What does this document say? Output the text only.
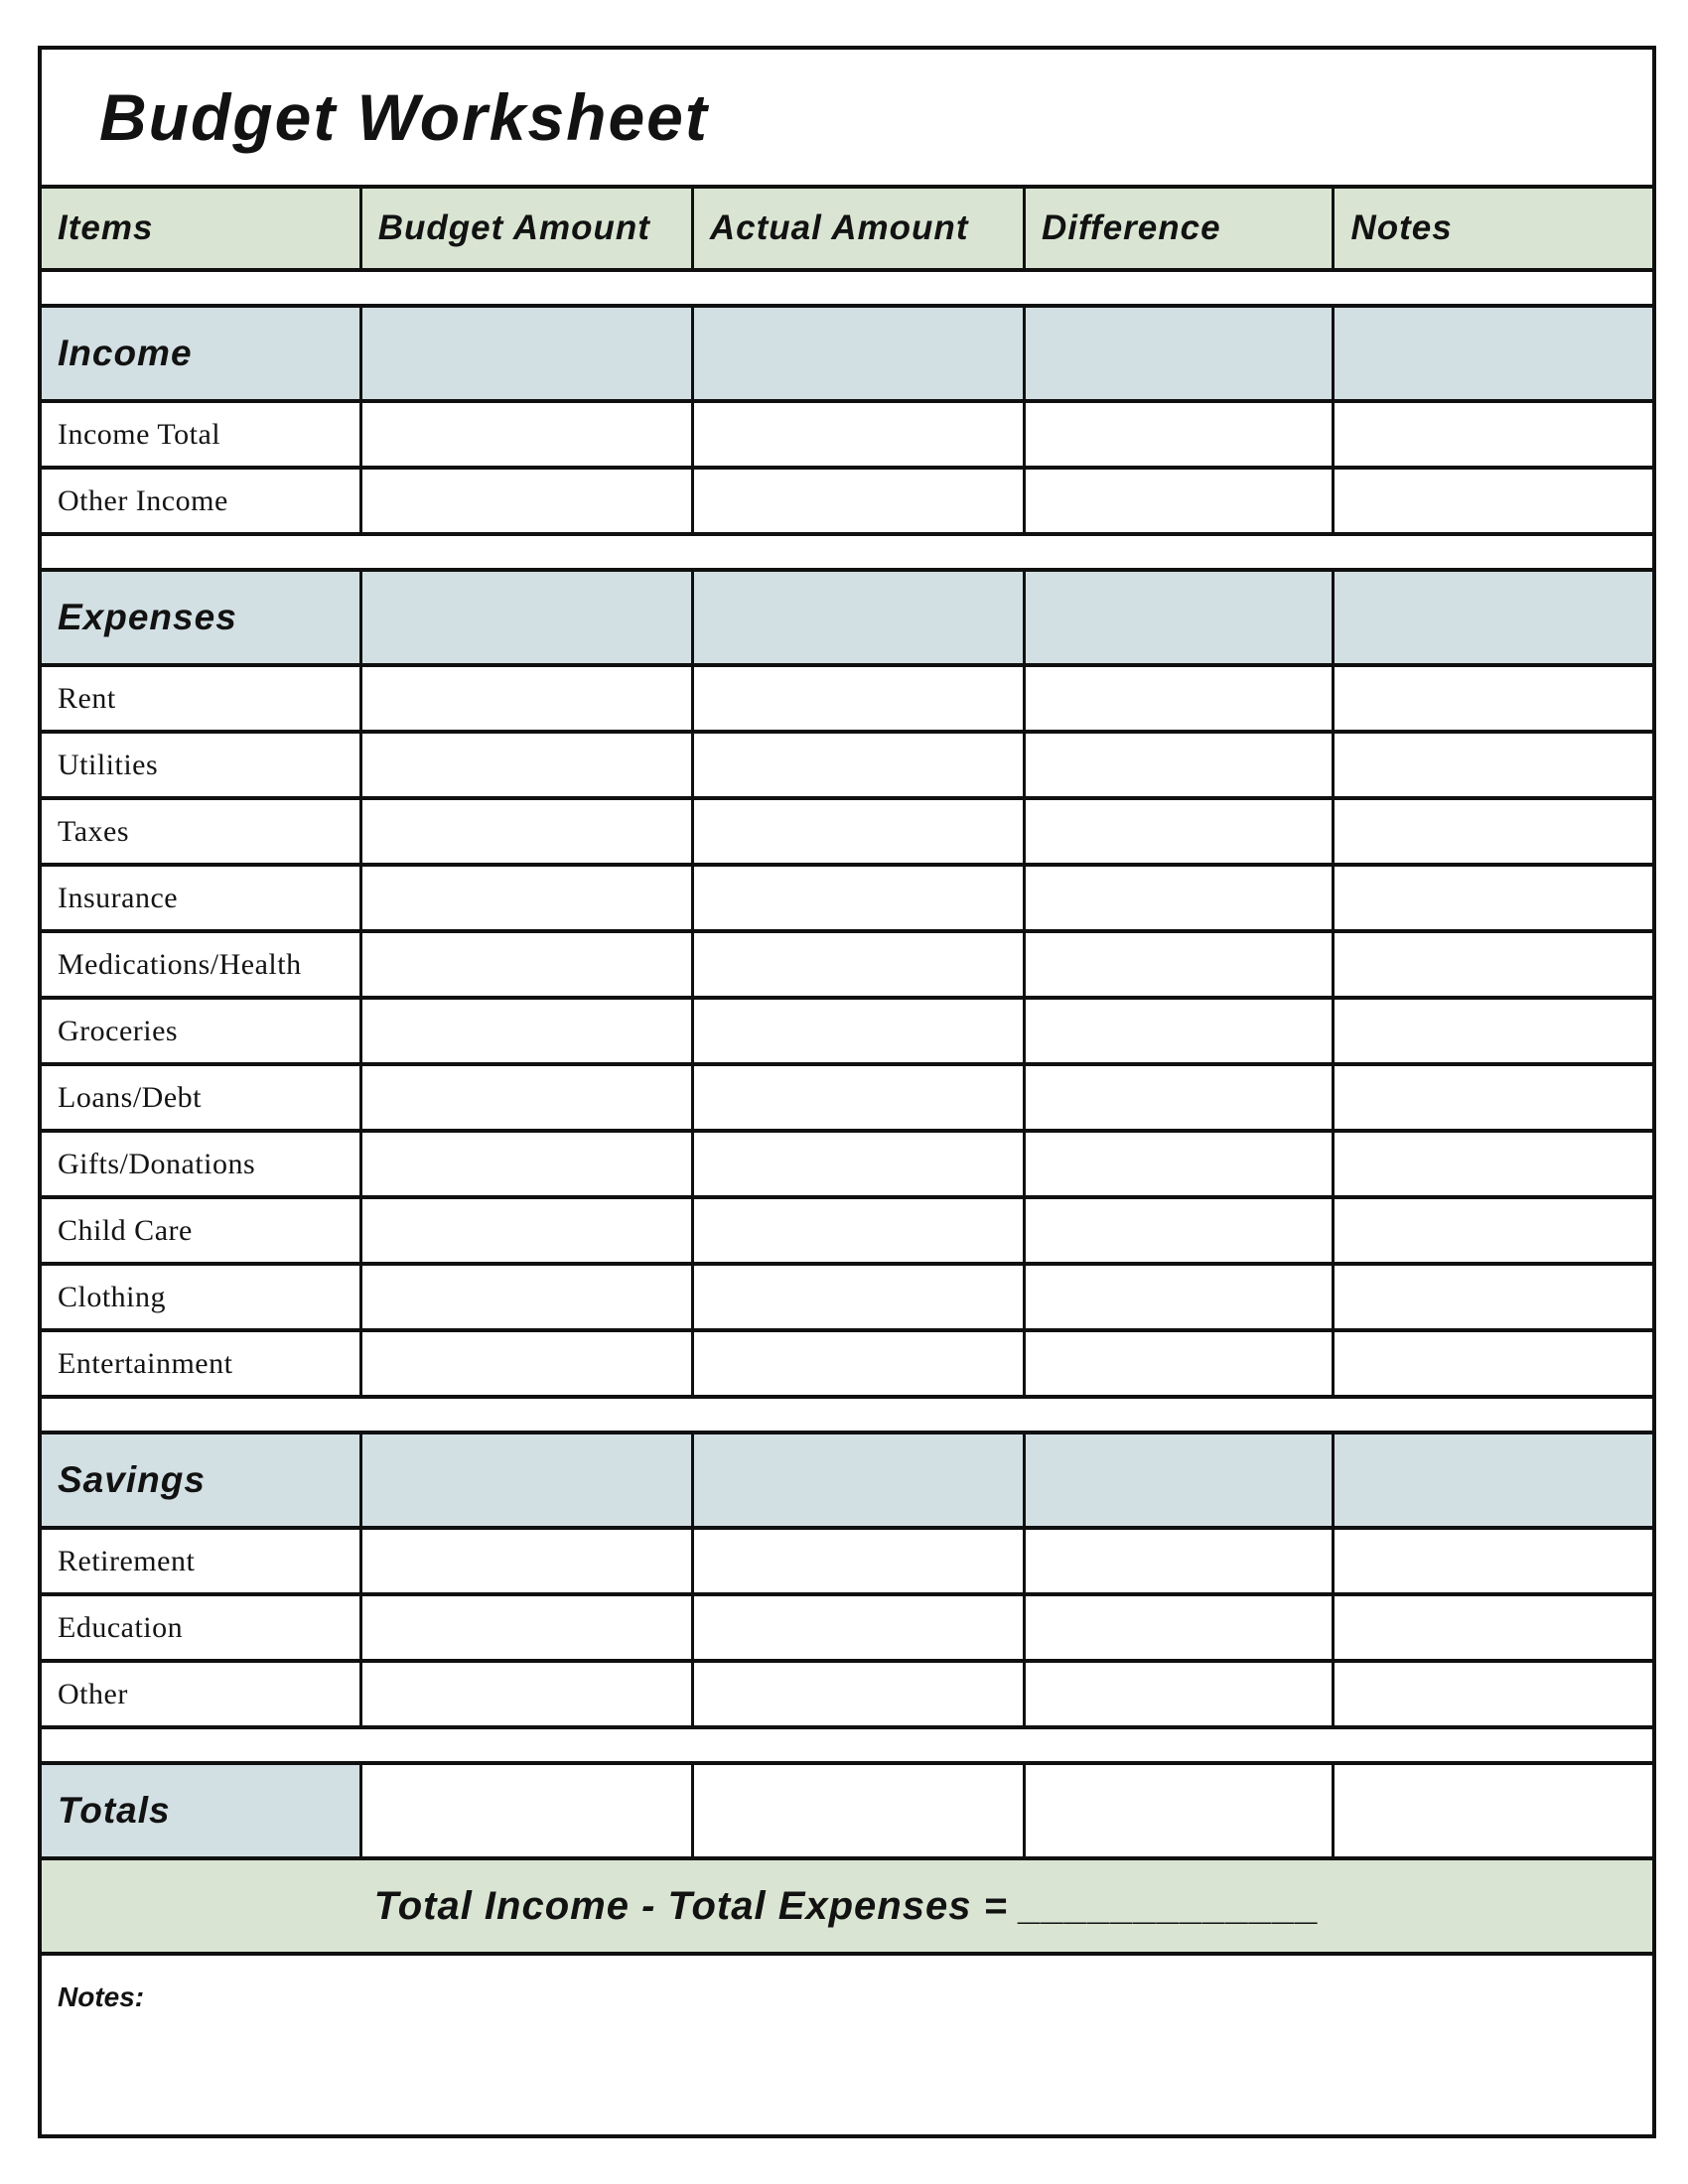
Budget Worksheet
Items	Budget Amount Actual Amount Difference	Notes
Income
Income Total
Other Income
Expenses
Rent
Utilities
Taxes
Insurance
Medications/Health
Groceries
Loans/Debt
Gifts/Donations
Child Care
Clothing
Entertainment
Savings
Retirement
Education
Other
Totals
Total Income - Total Expenses = _____________
Notes:
